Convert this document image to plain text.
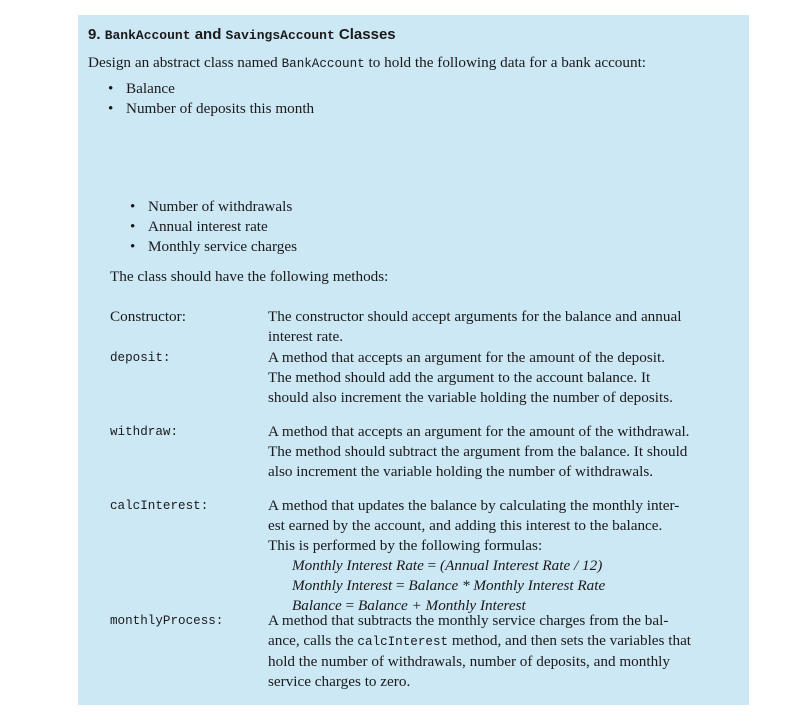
9. BankAccount and SavingsAccount Classes
Design an abstract class named BankAccount to hold the following data for a bank account:
• Balance
• Number of deposits this month
• Number of withdrawals
• Annual interest rate
• Monthly service charges
The class should have the following methods:
Constructor:	The constructor should accept arguments for the balance and annual
interest rate.
deposit:	A method that accepts an argument for the amount of the deposit.
The method should add the argument to the account balance. It
should also increment the variable holding the number of deposits.
withdraw:	A method that accepts an argument for the amount of the withdrawal.
The method should subtract the argument from the balance. It should
also increment the variable holding the number of withdrawals.
calcInterest:	A method that updates the balance by calculating the monthly inter-
est earned by the account, and adding this interest to the balance.
This is performed by the following formulas:
Monthly Interest Rate = (Annual Interest Rate / 12)
Monthly Interest = Balance * Monthly Interest Rate
Balance = Balance + Monthly Interest
monthlyProcess:	A method that subtracts the monthly service charges from the bal-
ance, calls the calcInterest method, and then sets the variables that
hold the number of withdrawals, number of deposits, and monthly
service charges to zero.
